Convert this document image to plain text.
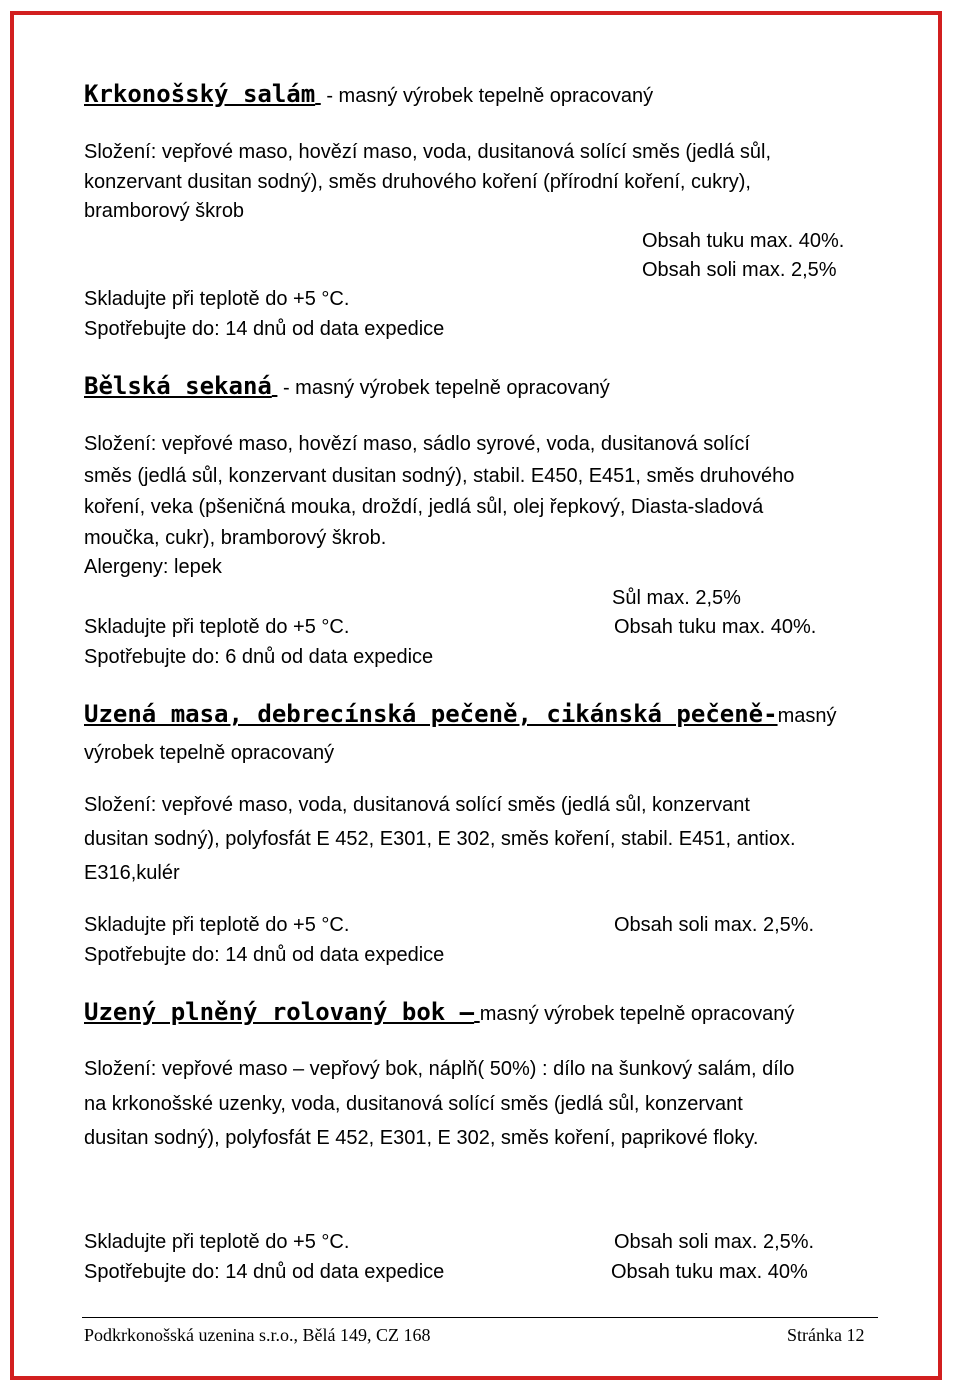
Krkonošský salám - masný výrobek tepelně opracovaný
Složení: vepřové maso, hovězí maso, voda, dusitanová solící směs (jedlá sůl,
konzervant dusitan sodný), směs druhového koření (přírodní koření, cukry),
bramborový škrob
Obsah tuku max. 40%.
Obsah soli max. 2,5%
Skladujte při teplotě do +5 °C.
Spotřebujte do: 14 dnů od data expedice
Bělská sekaná - masný výrobek tepelně opracovaný
Složení: vepřové maso, hovězí maso, sádlo syrové, voda, dusitanová solící
směs (jedlá sůl, konzervant dusitan sodný), stabil. E450, E451, směs druhového
koření, veka (pšeničná mouka, droždí, jedlá sůl, olej řepkový, Diasta-sladová
moučka, cukr), bramborový škrob.
Alergeny: lepek
Sůl max. 2,5%
Skladujte při teplotě do +5 °C.	Obsah tuku max. 40%.
Spotřebujte do: 6 dnů od data expedice
Uzená masa, debrecínská pečeně, cikánská pečeně-masný
výrobek tepelně opracovaný
Složení: vepřové maso, voda, dusitanová solící směs (jedlá sůl, konzervant
dusitan sodný), polyfosfát E 452, E301, E 302, směs koření, stabil. E451, antiox.
E316,kulér
Skladujte při teplotě do +5 °C.	Obsah soli max. 2,5%.
Spotřebujte do: 14 dnů od data expedice
Uzený plněný rolovaný bok – masný výrobek tepelně opracovaný
Složení: vepřové maso – vepřový bok, náplň( 50%) : dílo na šunkový salám, dílo
na krkonošské uzenky, voda, dusitanová solící směs (jedlá sůl, konzervant
dusitan sodný), polyfosfát E 452, E301, E 302, směs koření, paprikové floky.
Skladujte při teplotě do +5 °C.	Obsah soli max. 2,5%.
Spotřebujte do: 14 dnů od data expedice	Obsah tuku max. 40%
Podkrkonošská uzenina s.r.o., Bělá 149, CZ 168	Stránka 12
